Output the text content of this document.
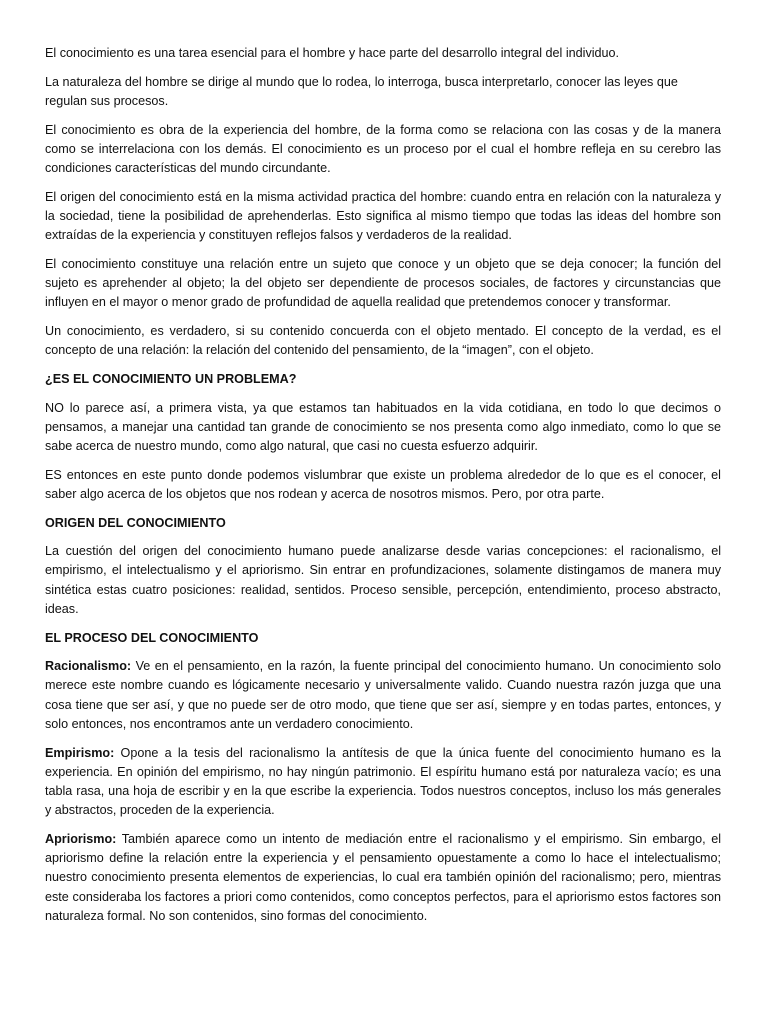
El conocimiento es una tarea esencial para el hombre y hace parte del desarrollo integral del individuo.

La naturaleza del hombre se dirige al mundo que lo rodea, lo interroga, busca interpretarlo, conocer las leyes que regulan sus procesos.

El conocimiento es obra de la experiencia del hombre, de la forma como se relaciona con las cosas y de la manera como se interrelaciona con los demás. El conocimiento es un proceso por el cual el hombre refleja en su cerebro las condiciones características del mundo circundante.

El origen del conocimiento está en la misma actividad practica del hombre: cuando entra en relación con la naturaleza y la sociedad, tiene la posibilidad de aprehenderlas. Esto significa al mismo tiempo que todas las ideas del hombre son extraídas de la experiencia y constituyen reflejos falsos y verdaderos de la realidad.

El conocimiento constituye una relación entre un sujeto que conoce y un objeto que se deja conocer; la función del sujeto es aprehender al objeto; la del objeto ser dependiente de procesos sociales, de factores y circunstancias que influyen en el mayor o menor grado de profundidad de aquella realidad que pretendemos conocer y transformar.

Un conocimiento, es verdadero, si su contenido concuerda con el objeto mentado. El concepto de la verdad, es el concepto de una relación: la relación del contenido del pensamiento, de la “imagen”, con el objeto.

¿ES EL CONOCIMIENTO UN PROBLEMA?

NO lo parece así, a primera vista, ya que estamos tan habituados en la vida cotidiana, en todo lo que decimos o pensamos, a manejar una cantidad tan grande de conocimiento se nos presenta como algo inmediato, como lo que se sabe acerca de nuestro mundo, como algo natural, que casi no cuesta esfuerzo adquirir.

ES entonces en este punto donde podemos vislumbrar que existe un problema alrededor de lo que es el conocer, el saber algo acerca de los objetos que nos rodean y acerca de nosotros mismos. Pero, por otra parte.

ORIGEN DEL CONOCIMIENTO

La cuestión del origen del conocimiento humano puede analizarse desde varias concepciones: el racionalismo, el empirismo, el intelectualismo y el apriorismo. Sin entrar en profundizaciones, solamente distingamos de manera muy sintética estas cuatro posiciones: realidad, sentidos. Proceso sensible, percepción, entendimiento, proceso abstracto, ideas.

EL PROCESO DEL CONOCIMIENTO

Racionalismo: Ve en el pensamiento, en la razón, la fuente principal del conocimiento humano. Un conocimiento solo merece este nombre cuando es lógicamente necesario y universalmente valido. Cuando nuestra razón juzga que una cosa tiene que ser así, y que no puede ser de otro modo, que tiene que ser así, siempre y en todas partes, entonces, y solo entonces, nos encontramos ante un verdadero conocimiento.

Empirismo: Opone a la tesis del racionalismo la antítesis de que la única fuente del conocimiento humano es la experiencia. En opinión del empirismo, no hay ningún patrimonio. El espíritu humano está por naturaleza vacío; es una tabla rasa, una hoja de escribir y en la que escribe la experiencia. Todos nuestros conceptos, incluso los más generales y abstractos, proceden de la experiencia.

Apriorismo: También aparece como un intento de mediación entre el racionalismo y el empirismo. Sin embargo, el apriorismo define la relación entre la experiencia y el pensamiento opuestamente a como lo hace el intelectualismo; nuestro conocimiento presenta elementos de experiencias, lo cual era también opinión del racionalismo; pero, mientras este consideraba los factores a priori como contenidos, como conceptos perfectos, para el apriorismo estos factores son naturaleza formal. No son contenidos, sino formas del conocimiento.
